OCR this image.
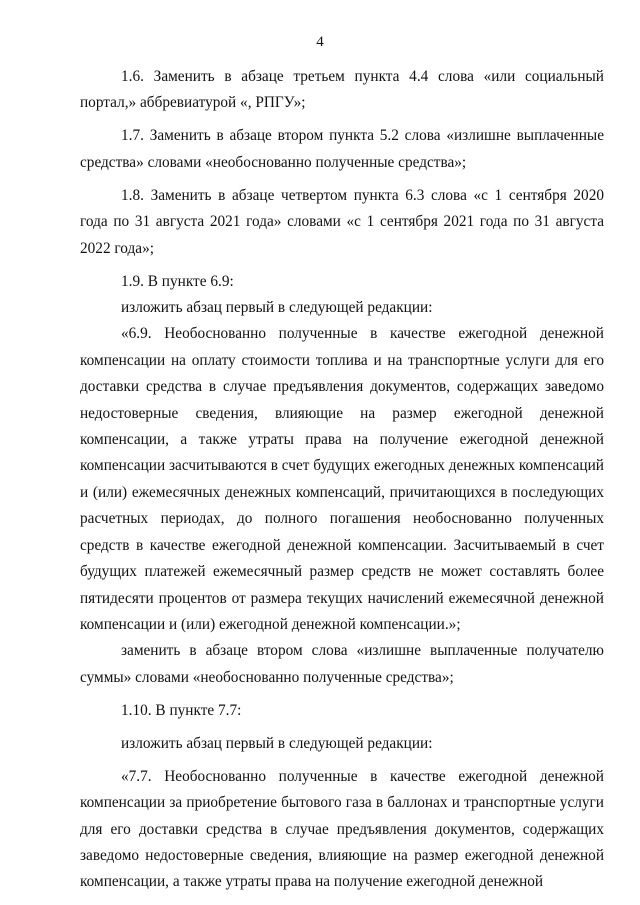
4

1.6. Заменить в абзаце третьем пункта 4.4 слова «или социальный портал,» аббревиатурой «, РПГУ»;

1.7. Заменить в абзаце втором пункта 5.2 слова «излишне выплаченные средства» словами «необоснованно полученные средства»;

1.8. Заменить в абзаце четвертом пункта 6.3 слова «с 1 сентября 2020 года по 31 августа 2021 года» словами «с 1 сентября 2021 года по 31 августа 2022 года»;

1.9. В пункте 6.9:

изложить абзац первый в следующей редакции:

«6.9. Необоснованно полученные в качестве ежегодной денежной компенсации на оплату стоимости топлива и на транспортные услуги для его доставки средства в случае предъявления документов, содержащих заведомо недостоверные сведения, влияющие на размер ежегодной денежной компенсации, а также утраты права на получение ежегодной денежной компенсации засчитываются в счет будущих ежегодных денежных компенсаций и (или) ежемесячных денежных компенсаций, причитающихся в последующих расчетных периодах, до полного погашения необоснованно полученных средств в качестве ежегодной денежной компенсации. Засчитываемый в счет будущих платежей ежемесячный размер средств не может составлять более пятидесяти процентов от размера текущих начислений ежемесячной денежной компенсации и (или) ежегодной денежной компенсации.»;

заменить в абзаце втором слова «излишне выплаченные получателю суммы» словами «необоснованно полученные средства»;

1.10. В пункте 7.7:

изложить абзац первый в следующей редакции:

«7.7. Необоснованно полученные в качестве ежегодной денежной компенсации за приобретение бытового газа в баллонах и транспортные услуги для его доставки средства в случае предъявления документов, содержащих заведомо недостоверные сведения, влияющие на размер ежегодной денежной компенсации, а также утраты права на получение ежегодной денежной
